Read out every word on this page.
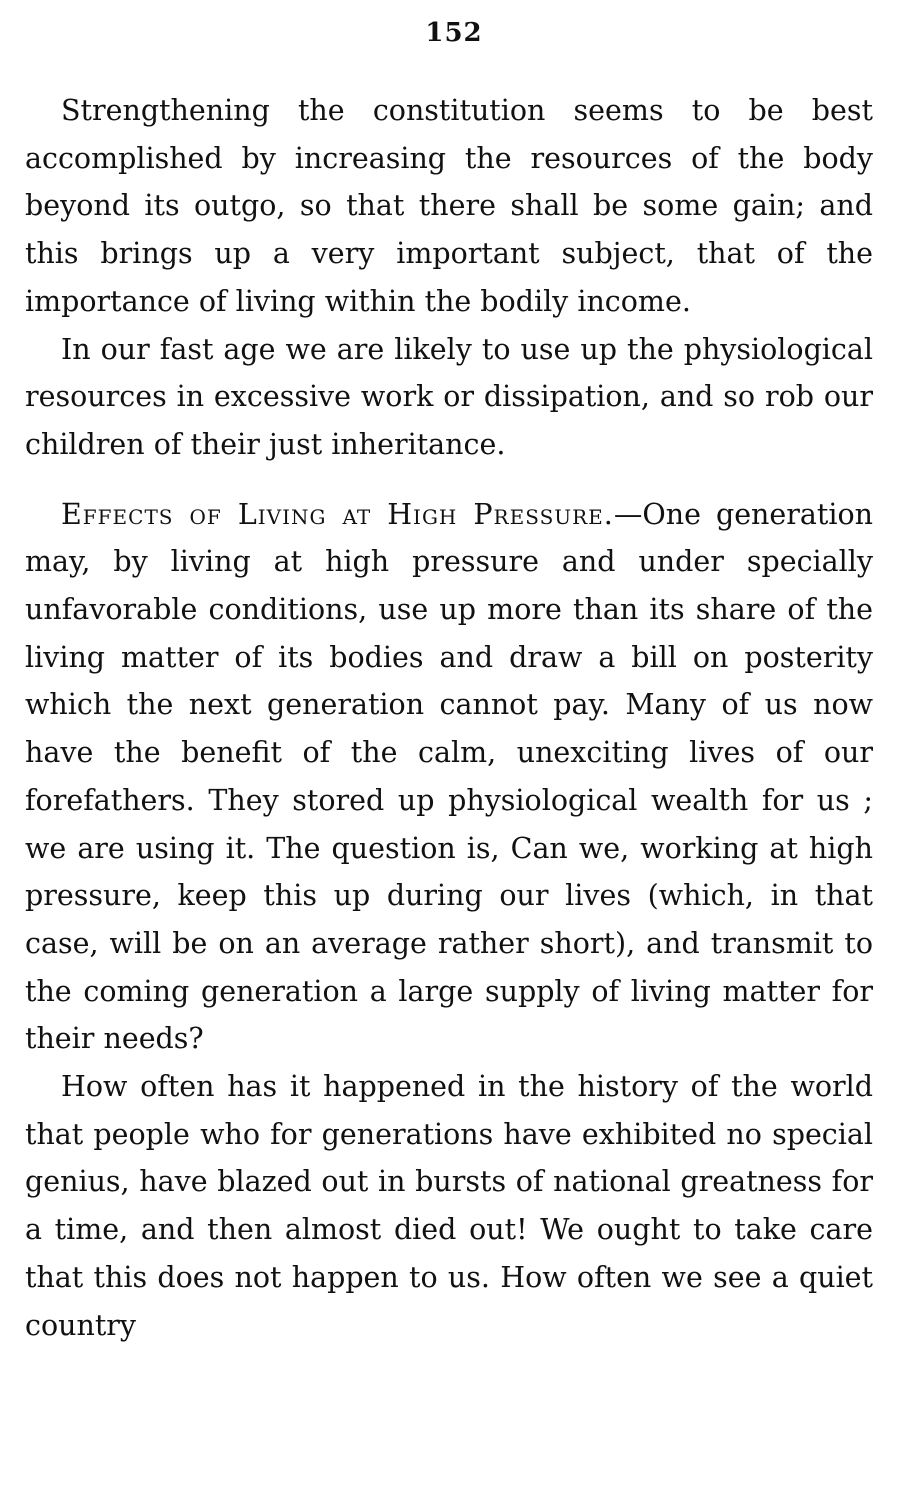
152

Strengthening the constitution seems to be best accomplished by increasing the resources of the body beyond its outgo, so that there shall be some gain; and this brings up a very important subject, that of the importance of living within the bodily income.

In our fast age we are likely to use up the physiological resources in excessive work or dissipation, and so rob our children of their just inheritance.

Effects of Living at High Pressure.—One generation may, by living at high pressure and under specially unfavorable conditions, use up more than its share of the living matter of its bodies and draw a bill on posterity which the next generation cannot pay. Many of us now have the benefit of the calm, unexciting lives of our forefathers. They stored up physiological wealth for us ; we are using it. The question is, Can we, working at high pressure, keep this up during our lives (which, in that case, will be on an average rather short), and transmit to the coming generation a large supply of living matter for their needs?

How often has it happened in the history of the world that people who for generations have exhibited no special genius, have blazed out in bursts of national greatness for a time, and then almost died out! We ought to take care that this does not happen to us. How often we see a quiet country
